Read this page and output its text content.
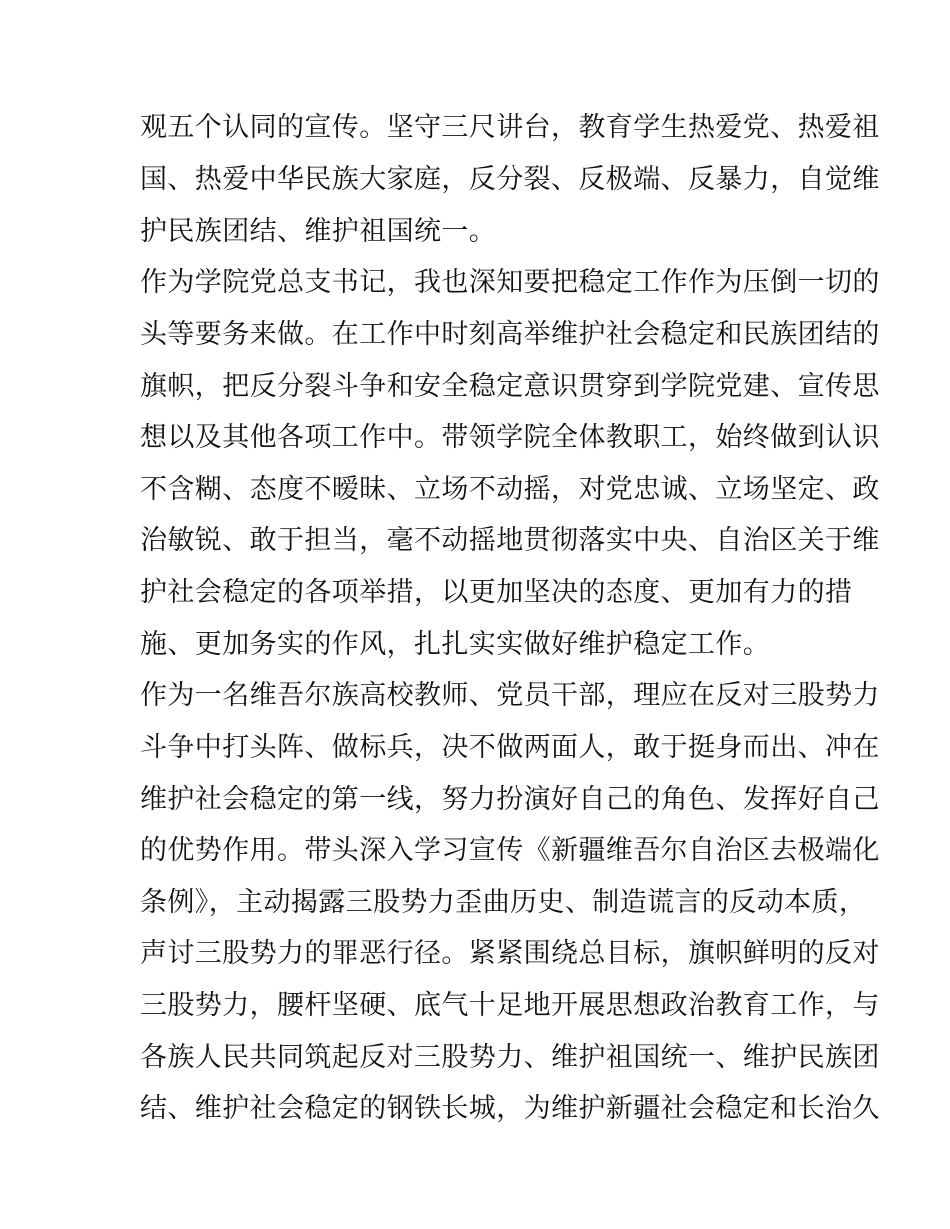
观五个认同的宣传。坚守三尺讲台，教育学生热爱党、热爱祖
国、热爱中华民族大家庭，反分裂、反极端、反暴力，自觉维
护民族团结、维护祖国统一。
作为学院党总支书记，我也深知要把稳定工作作为压倒一切的
头等要务来做。在工作中时刻高举维护社会稳定和民族团结的
旗帜，把反分裂斗争和安全稳定意识贯穿到学院党建、宣传思
想以及其他各项工作中。带领学院全体教职工，始终做到认识
不含糊、态度不暧昧、立场不动摇，对党忠诚、立场坚定、政
治敏锐、敢于担当，毫不动摇地贯彻落实中央、自治区关于维
护社会稳定的各项举措，以更加坚决的态度、更加有力的措
施、更加务实的作风，扎扎实实做好维护稳定工作。
作为一名维吾尔族高校教师、党员干部，理应在反对三股势力
斗争中打头阵、做标兵，决不做两面人，敢于挺身而出、冲在
维护社会稳定的第一线，努力扮演好自己的角色、发挥好自己
的优势作用。带头深入学习宣传《新疆维吾尔自治区去极端化
条例》，主动揭露三股势力歪曲历史、制造谎言的反动本质，
声讨三股势力的罪恶行径。紧紧围绕总目标，旗帜鲜明的反对
三股势力，腰杆坚硬、底气十足地开展思想政治教育工作，与
各族人民共同筑起反对三股势力、维护祖国统一、维护民族团
结、维护社会稳定的钢铁长城，为维护新疆社会稳定和长治久
